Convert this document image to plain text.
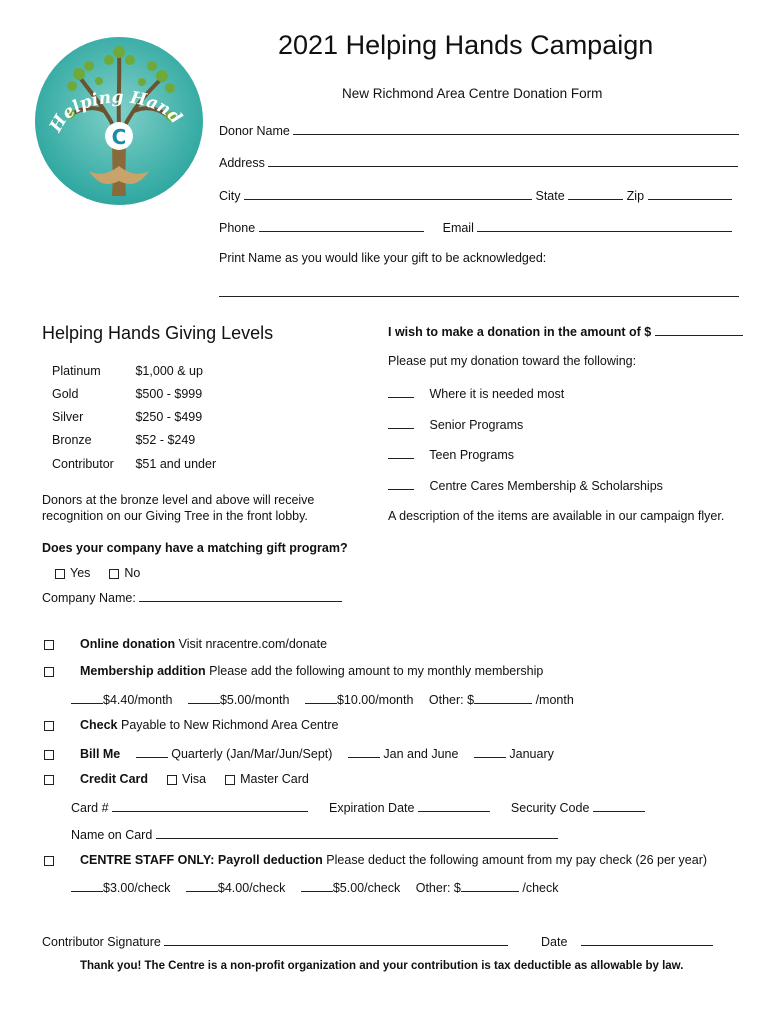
Helping Hand
C
2021 Helping Hands Campaign
New Richmond Area Centre Donation Form
Donor Name
Address
City	State	Zip
Phone	Email
Print Name as you would like your gift to be acknowledged:
Helping Hands Giving Levels
Platinum	$1,000 & up
Gold	$500 - $999
Silver	$250 - $499
Bronze	$52 - $249
Contributor $51 and under
Donors at the bronze level and above will receive
recognition on our Giving Tree in the front lobby.
I wish to make a donation in the amount of $
Please put my donation toward the following:
Where it is needed most
Senior Programs
Teen Programs
Centre Cares Membership & Scholarships
A description of the items are available in our campaign flyer.
Does your company have a matching gift program?
Yes	No
Company Name:
Online donation Visit nracentre.com/donate
Membership addition Please add the following amount to my monthly membership
$4.40/month	$5.00/month	$10.00/month Other: $	/month
Check Payable to New Richmond Area Centre
Bill Me	Quarterly (Jan/Mar/Jun/Sept)	Jan and June	January
Credit Card	Visa	Master Card
Card #	Expiration Date	Security Code
Name on Card
CENTRE STAFF ONLY: Payroll deduction Please deduct the following amount from my pay check (26 per year)
$3.00/check	$4.00/check	$5.00/check Other: $	/check
Contributor Signature	Date
Thank you! The Centre is a non-profit organization and your contribution is tax deductible as allowable by law.
